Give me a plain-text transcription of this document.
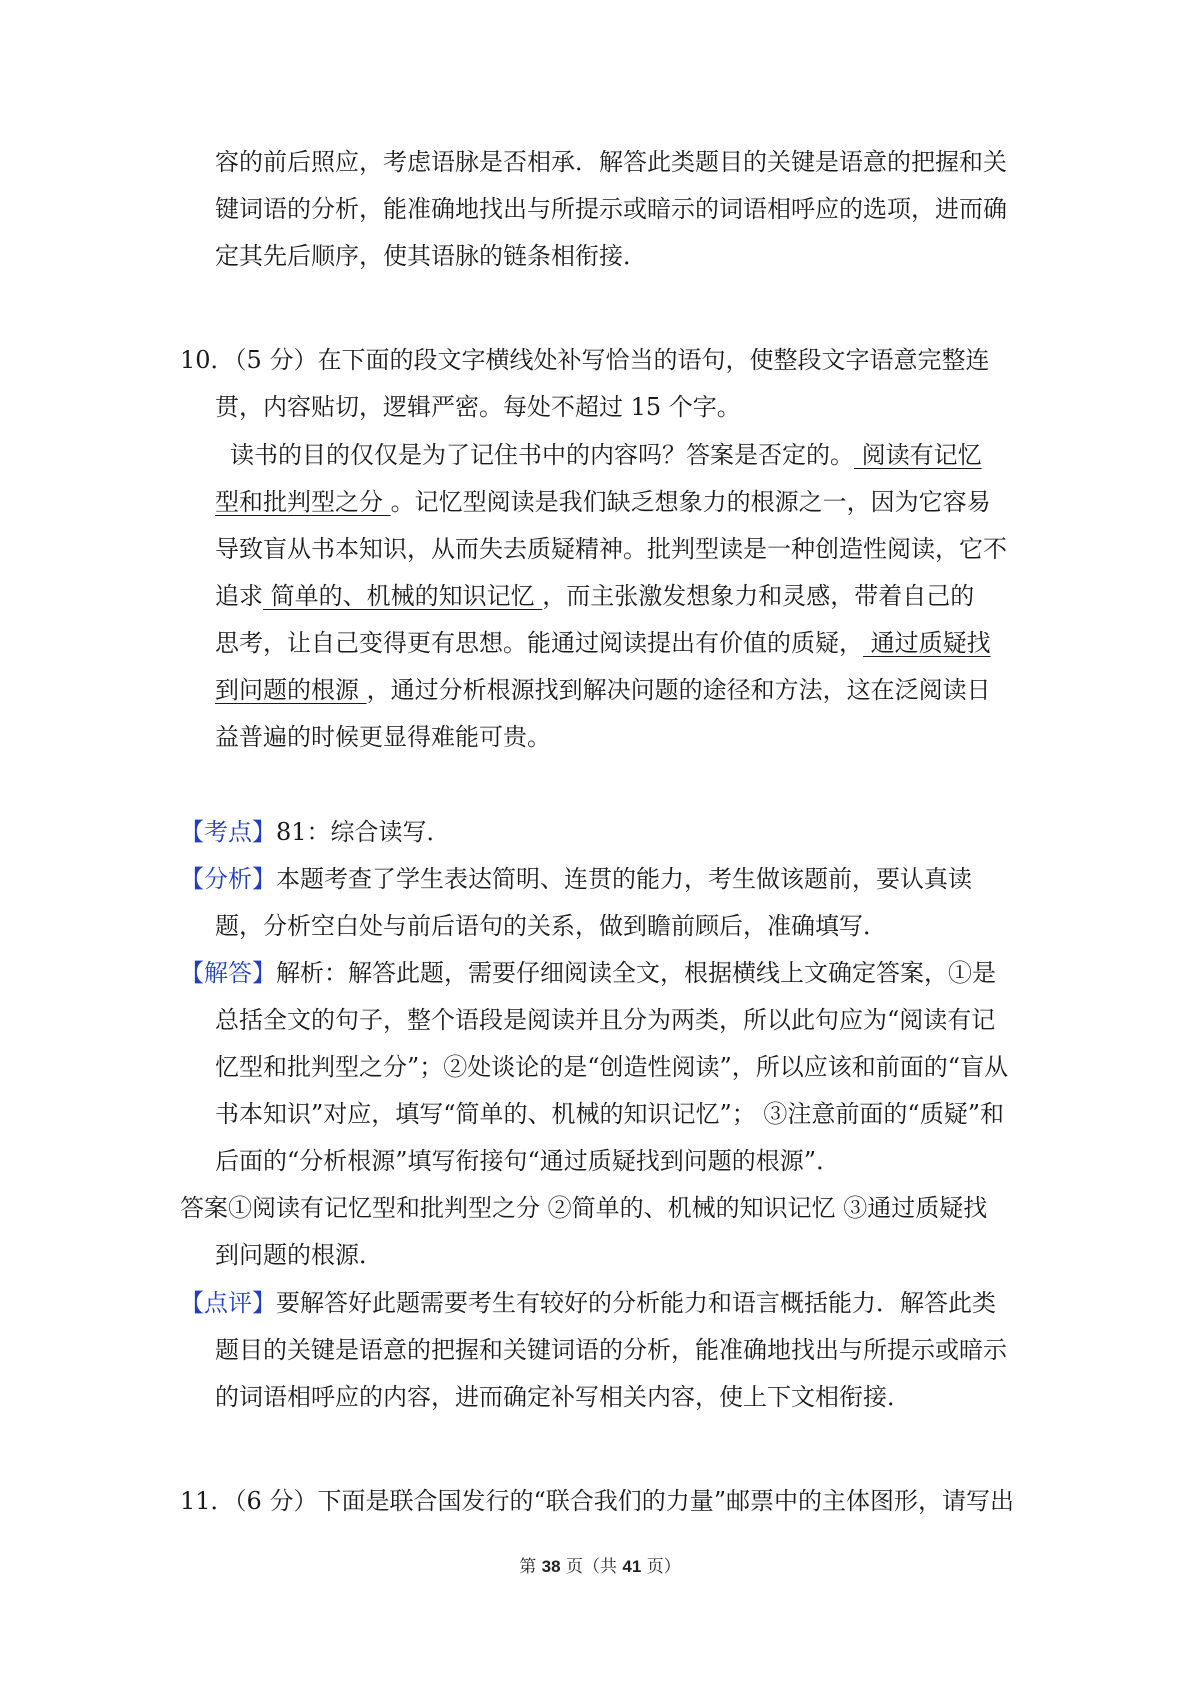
容的前后照应，考虑语脉是否相承．解答此类题目的关键是语意的把握和关
键词语的分析，能准确地找出与所提示或暗示的词语相呼应的选项，进而确
定其先后顺序，使其语脉的链条相衔接．
10．（5 分）在下面的段文字横线处补写恰当的语句，使整段文字语意完整连
贯，内容贴切，逻辑严密。每处不超过 15 个字。
读书的目的仅仅是为了记住书中的内容吗？答案是否定的。 阅读有记忆
型和批判型之分 。记忆型阅读是我们缺乏想象力的根源之一，因为它容易
导致盲从书本知识，从而失去质疑精神。批判型读是一种创造性阅读，它不
追求 简单的、机械的知识记忆 ，而主张激发想象力和灵感，带着自己的
思考，让自己变得更有思想。能通过阅读提出有价值的质疑， 通过质疑找
到问题的根源 ，通过分析根源找到解决问题的途径和方法，这在泛阅读日
益普遍的时候更显得难能可贵。
【考点】81：综合读写．
【分析】本题考查了学生表达简明、连贯的能力，考生做该题前，要认真读
题，分析空白处与前后语句的关系，做到瞻前顾后，准确填写．
【解答】解析：解答此题，需要仔细阅读全文，根据横线上文确定答案，①是
总括全文的句子，整个语段是阅读并且分为两类，所以此句应为“阅读有记
忆型和批判型之分”；②处谈论的是“创造性阅读”，所以应该和前面的“盲从
书本知识”对应，填写“简单的、机械的知识记忆”； ③注意前面的“质疑”和
后面的“分析根源”填写衔接句“通过质疑找到问题的根源”．
答案①阅读有记忆型和批判型之分 ②简单的、机械的知识记忆 ③通过质疑找
到问题的根源．
【点评】要解答好此题需要考生有较好的分析能力和语言概括能力．解答此类
题目的关键是语意的把握和关键词语的分析，能准确地找出与所提示或暗示
的词语相呼应的内容，进而确定补写相关内容，使上下文相衔接．
11．（6 分）下面是联合国发行的“联合我们的力量”邮票中的主体图形，请写出
第 38 页（共 41 页）
